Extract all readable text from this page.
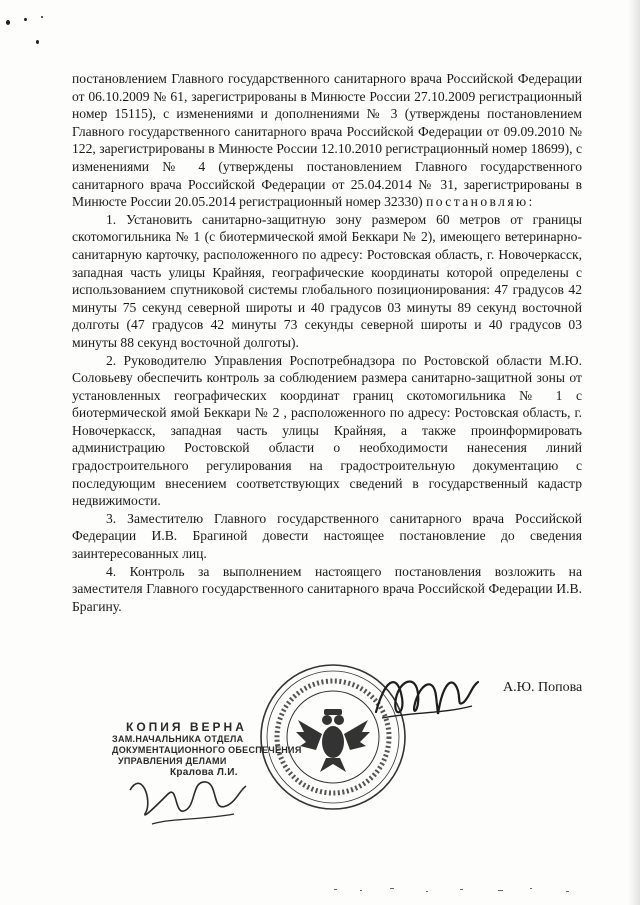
постановлением Главного государственного санитарного врача Российской Федерации от 06.10.2009 № 61, зарегистрированы в Минюсте России 27.10.2009 регистрационный номер 15115), с изменениями и дополнениями № 3 (утверждены постановлением Главного государственного санитарного врача Российской Федерации от 09.09.2010 № 122, зарегистрированы в Минюсте России 12.10.2010 регистрационный номер 18699), с изменениями № 4 (утверждены постановлением Главного государственного санитарного врача Российской Федерации от 25.04.2014 № 31, зарегистрированы в Минюсте России 20.05.2014 регистрационный номер 32330) постановляю:

1. Установить санитарно-защитную зону размером 60 метров от границы скотомогильника № 1 (с биотермической ямой Беккари № 2), имеющего ветеринарно-санитарную карточку, расположенного по адресу: Ростовская область, г. Новочеркасск, западная часть улицы Крайняя, географические координаты которой определены с использованием спутниковой системы глобального позиционирования: 47 градусов 42 минуты 75 секунд северной широты и 40 градусов 03 минуты 89 секунд восточной долготы (47 градусов 42 минуты 73 секунды северной широты и 40 градусов 03 минуты 88 секунд восточной долготы).

2. Руководителю Управления Роспотребнадзора по Ростовской области М.Ю. Соловьеву обеспечить контроль за соблюдением размера санитарно-защитной зоны от установленных географических координат границ скотомогильника № 1 с биотермической ямой Беккари № 2 , расположенного по адресу: Ростовская область, г. Новочеркасск, западная часть улицы Крайняя, а также проинформировать администрацию Ростовской области о необходимости нанесения линий градостроительного регулирования на градостроительную документацию с последующим внесением соответствующих сведений в государственный кадастр недвижимости.

3. Заместителю Главного государственного санитарного врача Российской Федерации И.В. Брагиной довести настоящее постановление до сведения заинтересованных лиц.

4. Контроль за выполнением настоящего постановления возложить на заместителя Главного государственного санитарного врача Российской Федерации И.В. Брагину.

А.Ю. Попова
КОПИЯ ВЕРНА
ЗАМ.НАЧАЛЬНИКА ОТДЕЛА
ДОКУМЕНТАЦИОННОГО ОБЕСПЕЧЕНИЯ
УПРАВЛЕНИЯ ДЕЛАМИ
Кралова Л.И.
